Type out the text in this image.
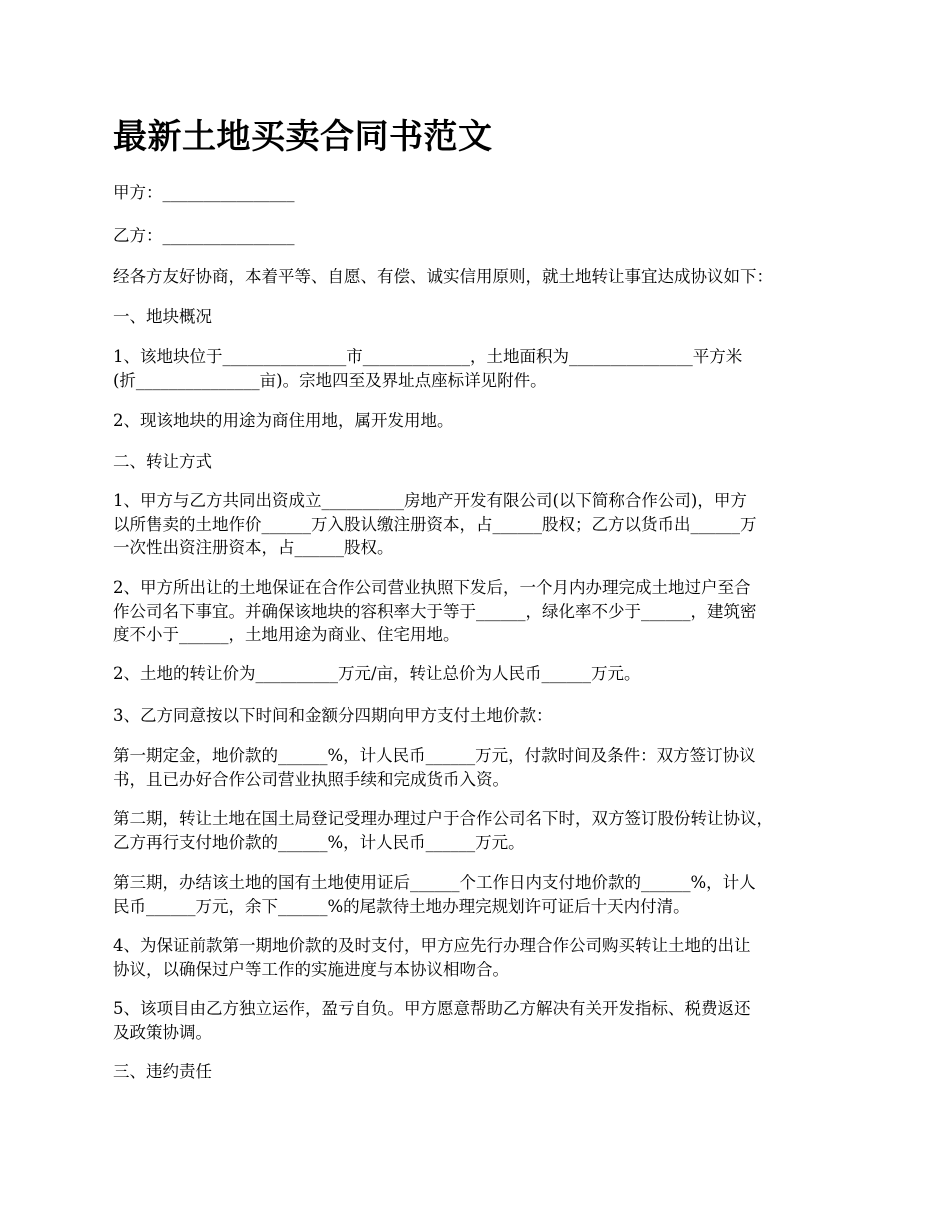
最新土地买卖合同书范文

甲方：________________

乙方：________________

经各方友好协商，本着平等、自愿、有偿、诚实信用原则，就土地转让事宜达成协议如下：

一、地块概况

1、该地块位于_______________市_____________，土地面积为_______________平方米
(折_______________亩)。宗地四至及界址点座标详见附件。

2、现该地块的用途为商住用地，属开发用地。

二、转让方式

1、甲方与乙方共同出资成立__________房地产开发有限公司(以下简称合作公司)，甲方
以所售卖的土地作价______万入股认缴注册资本，占______股权；乙方以货币出______万
一次性出资注册资本，占______股权。

2、甲方所出让的土地保证在合作公司营业执照下发后，一个月内办理完成土地过户至合
作公司名下事宜。并确保该地块的容积率大于等于______，绿化率不少于______，建筑密
度不小于______，土地用途为商业、住宅用地。

2、土地的转让价为__________万元/亩，转让总价为人民币______万元。

3、乙方同意按以下时间和金额分四期向甲方支付土地价款：

第一期定金，地价款的______%，计人民币______万元，付款时间及条件：双方签订协议
书，且已办好合作公司营业执照手续和完成货币入资。

第二期，转让土地在国土局登记受理办理过户于合作公司名下时，双方签订股份转让协议，
乙方再行支付地价款的______%，计人民币______万元。

第三期，办结该土地的国有土地使用证后______个工作日内支付地价款的______%，计人
民币______万元，余下______%的尾款待土地办理完规划许可证后十天内付清。

4、为保证前款第一期地价款的及时支付，甲方应先行办理合作公司购买转让土地的出让
协议，以确保过户等工作的实施进度与本协议相吻合。

5、该项目由乙方独立运作，盈亏自负。甲方愿意帮助乙方解决有关开发指标、税费返还
及政策协调。

三、违约责任
